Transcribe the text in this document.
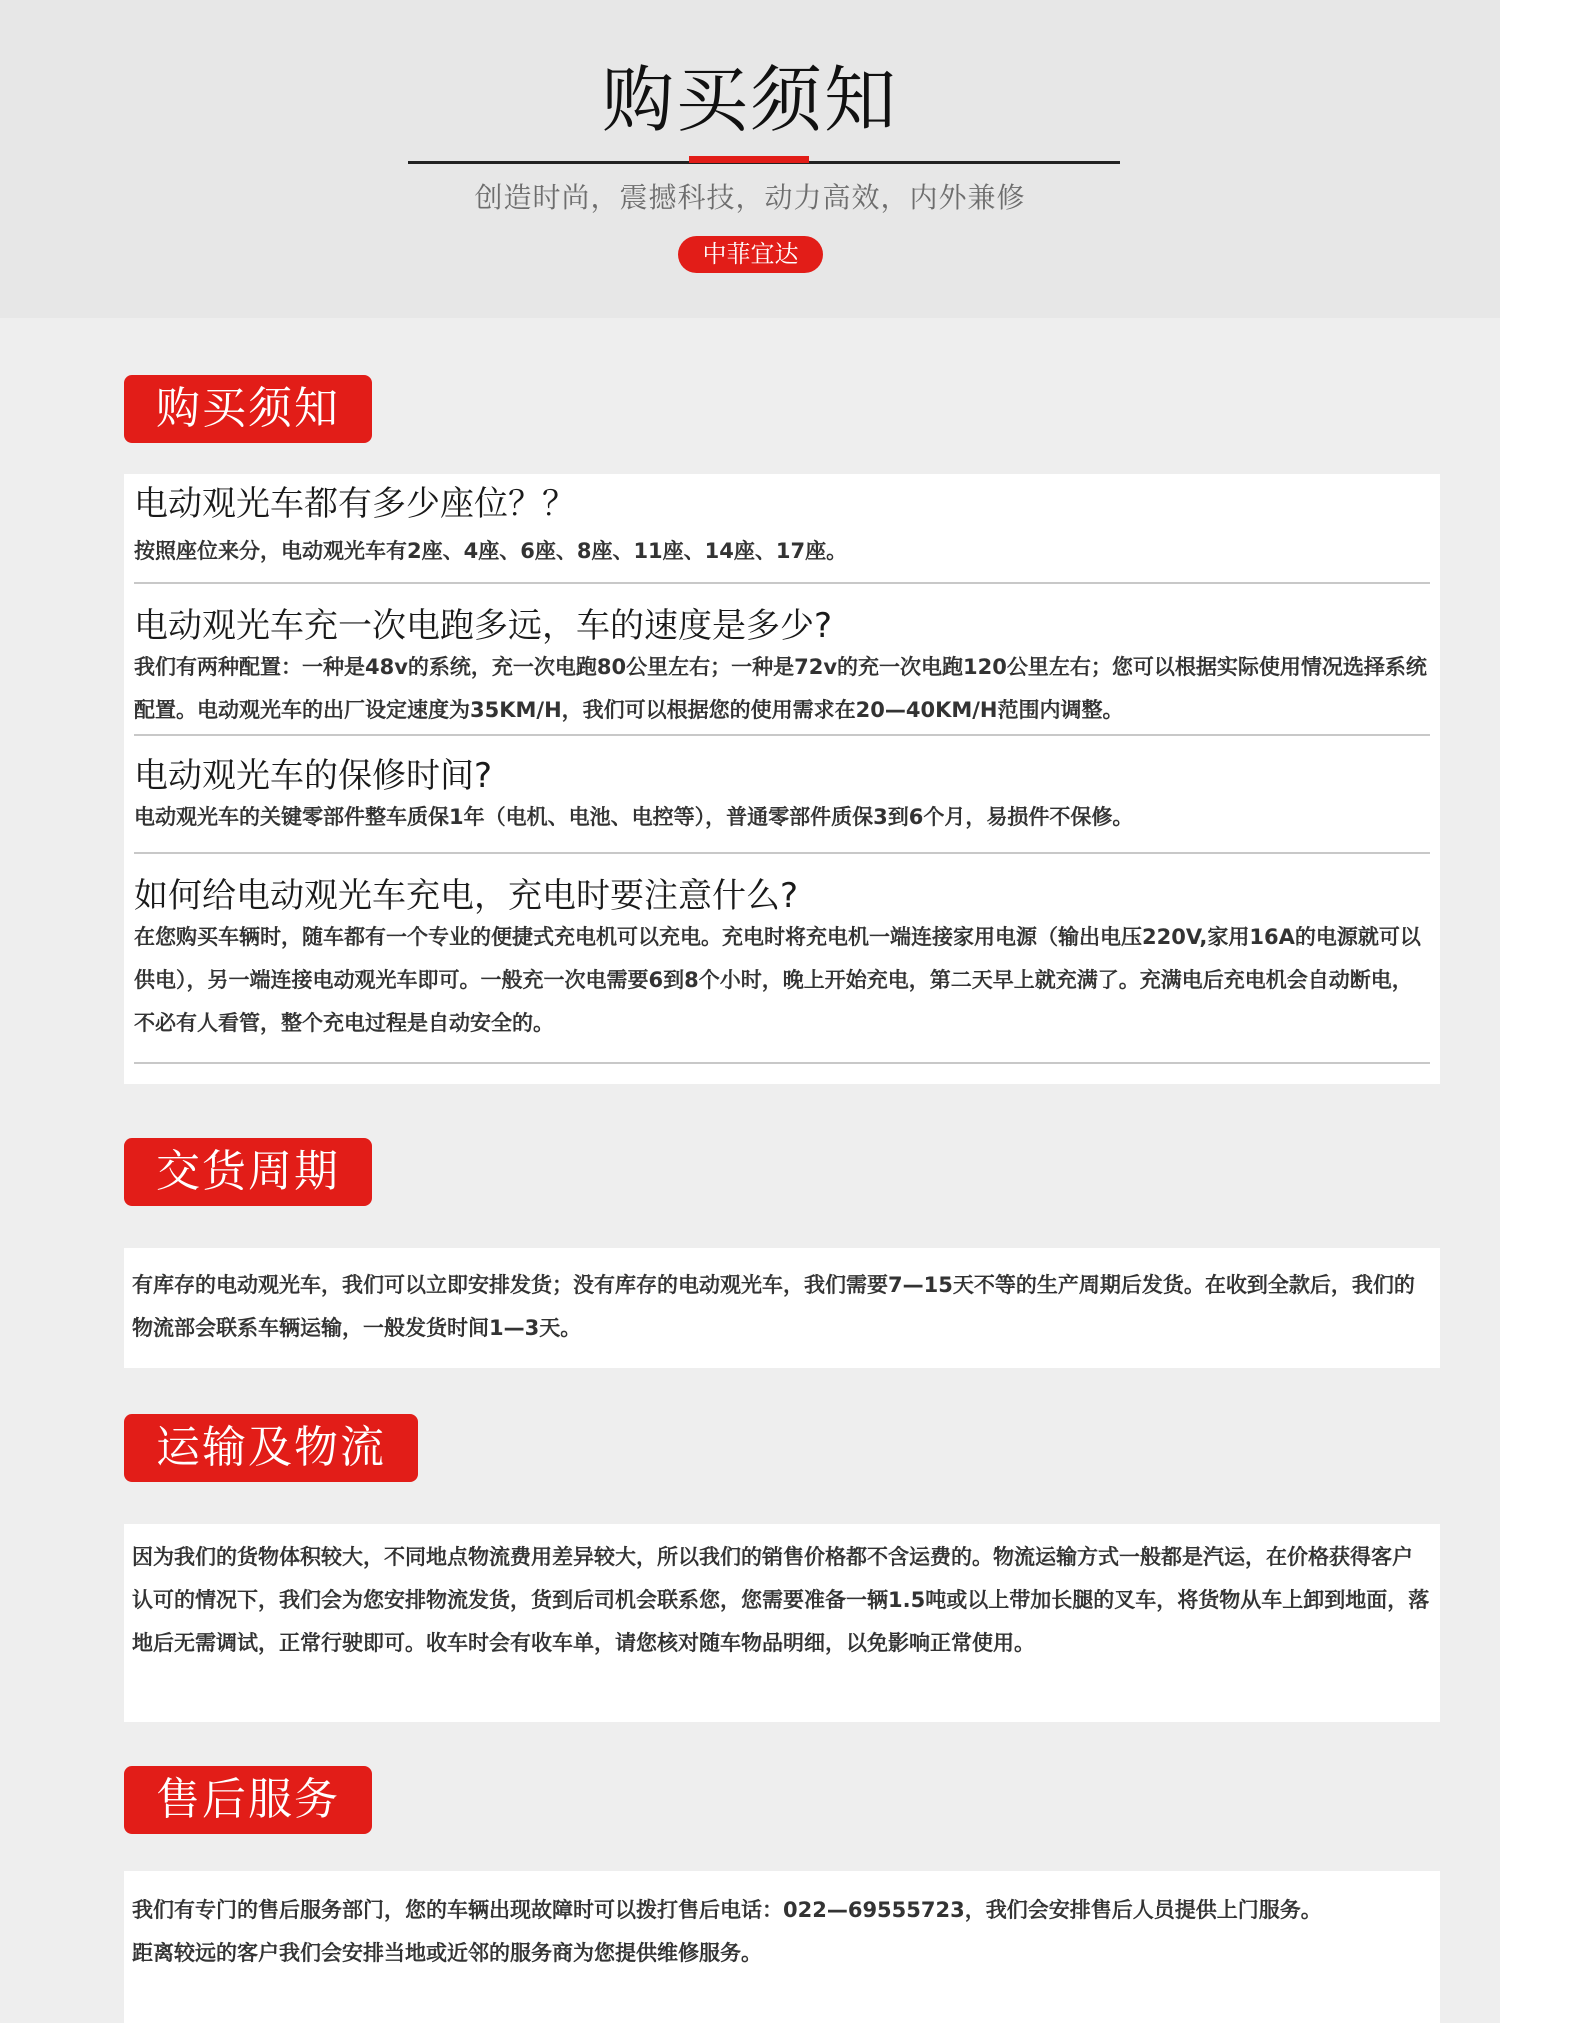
购买须知
创造时尚，震撼科技，动力高效，内外兼修
中菲宜达
购买须知
电动观光车都有多少座位？？
按照座位来分，电动观光车有2座、4座、6座、8座、11座、14座、17座。
电动观光车充一次电跑多远，车的速度是多少?
我们有两种配置：一种是48v的系统，充一次电跑80公里左右；一种是72v的充一次电跑120公里左右；您可以根据实际使用情况选择系统配置。电动观光车的出厂设定速度为35KM/H，我们可以根据您的使用需求在20—40KM/H范围内调整。
电动观光车的保修时间?
电动观光车的关键零部件整车质保1年（电机、电池、电控等），普通零部件质保3到6个月，易损件不保修。
如何给电动观光车充电，充电时要注意什么?
在您购买车辆时，随车都有一个专业的便捷式充电机可以充电。充电时将充电机一端连接家用电源（输出电压220V,家用16A的电源就可以供电），另一端连接电动观光车即可。一般充一次电需要6到8个小时，晚上开始充电，第二天早上就充满了。充满电后充电机会自动断电，不必有人看管，整个充电过程是自动安全的。
交货周期
有库存的电动观光车，我们可以立即安排发货；没有库存的电动观光车，我们需要7—15天不等的生产周期后发货。在收到全款后，我们的物流部会联系车辆运输，一般发货时间1—3天。
运输及物流
因为我们的货物体积较大，不同地点物流费用差异较大，所以我们的销售价格都不含运费的。物流运输方式一般都是汽运，在价格获得客户认可的情况下，我们会为您安排物流发货，货到后司机会联系您，您需要准备一辆1.5吨或以上带加长腿的叉车，将货物从车上卸到地面，落地后无需调试，正常行驶即可。收车时会有收车单，请您核对随车物品明细，以免影响正常使用。
售后服务
我们有专门的售后服务部门，您的车辆出现故障时可以拨打售后电话：022—69555723，我们会安排售后人员提供上门服务。
距离较远的客户我们会安排当地或近邻的服务商为您提供维修服务。
